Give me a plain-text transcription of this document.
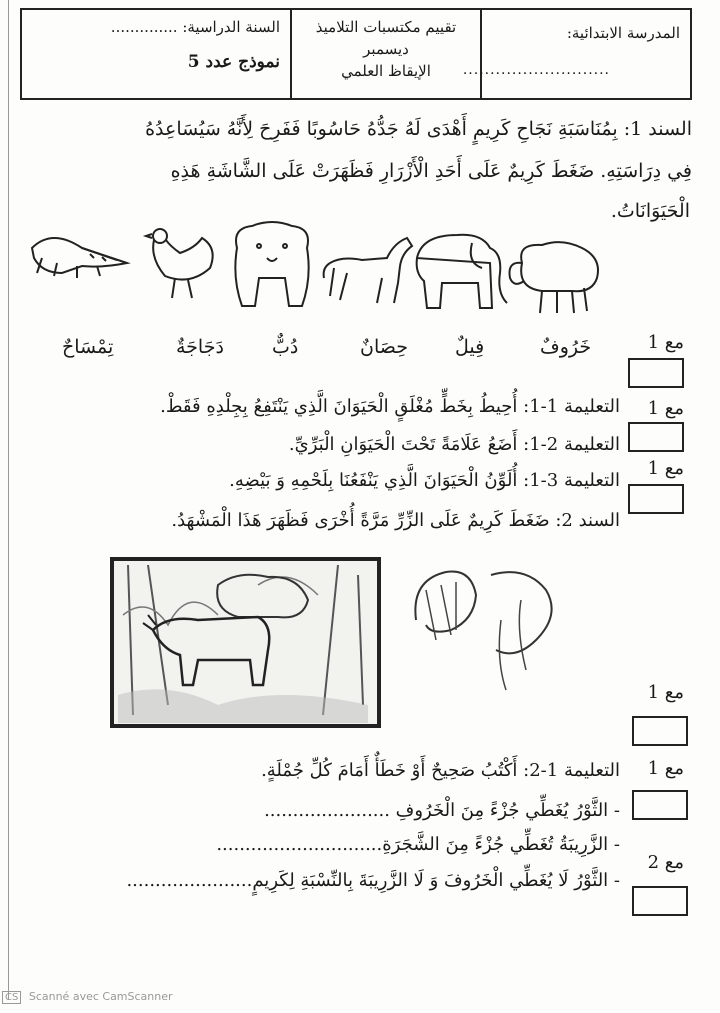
المدرسة الابتدائية:
...........................
تقييم مكتسبات التلاميذ
ديسمبر
الإيقاظ العلمي
السنة الدراسية: ..............
نموذج عدد 5
السند 1: بِمُنَاسَبَةِ نَجَاحِ كَرِيمٍ أَهْدَى لَهُ جَدُّهُ حَاسُوبًا فَفَرِحَ لِأَنَّهُ سَيُسَاعِدُهُ
فِي دِرَاسَتِهِ. ضَغَطَ كَرِيمٌ عَلَى أَحَدِ الْأَزْرَارِ فَظَهَرَتْ عَلَى الشَّاشَةِ هَذِهِ
الْحَيَوَانَاتُ.
خَرُوفٌ
فِيلٌ
حِصَانٌ
دُبٌّ
دَجَاجَةٌ
تِمْسَاحٌ	مع 1
مع 1
مع 1
مع 1
مع 1
مع 2
التعليمة 1-1: أُحِيطُ بِخَطٍّ مُغْلَقٍ الْحَيَوَانَ الَّذِي يَنْتَفِعُ بِجِلْدِهِ فَقَطْ.
التعليمة 2-1: أَضَعُ عَلَامَةً تَحْتَ الْحَيَوَانِ الْبَرِّيِّ.
التعليمة 3-1: أُلَوِّنُ الْحَيَوَانَ الَّذِي يَنْفَعُنَا بِلَحْمِهِ وَ بَيْضِهِ.
السند 2: ضَغَطَ كَرِيمٌ عَلَى الزِّرِّ مَرَّةً أُخْرَى فَظَهَرَ هَذَا الْمَشْهَدُ.
التعليمة 1-2: أَكْتُبُ صَحِيحٌ أَوْ خَطَأٌ أَمَامَ كُلِّ جُمْلَةٍ.
- الثَّوْرُ يُغَطِّي جُزْءً مِنَ الْخَرُوفِ ......................
- الزَّرِيبَةُ تُغَطِّي جُزْءً مِنَ الشَّجَرَةِ.............................
- الثَّوْرُ لَا يُغَطِّي الْخَرُوفَ وَ لَا الزَّرِيبَةَ بِالنِّسْبَةِ لِكَرِيمٍ......................
CS Scanné avec CamScanner
